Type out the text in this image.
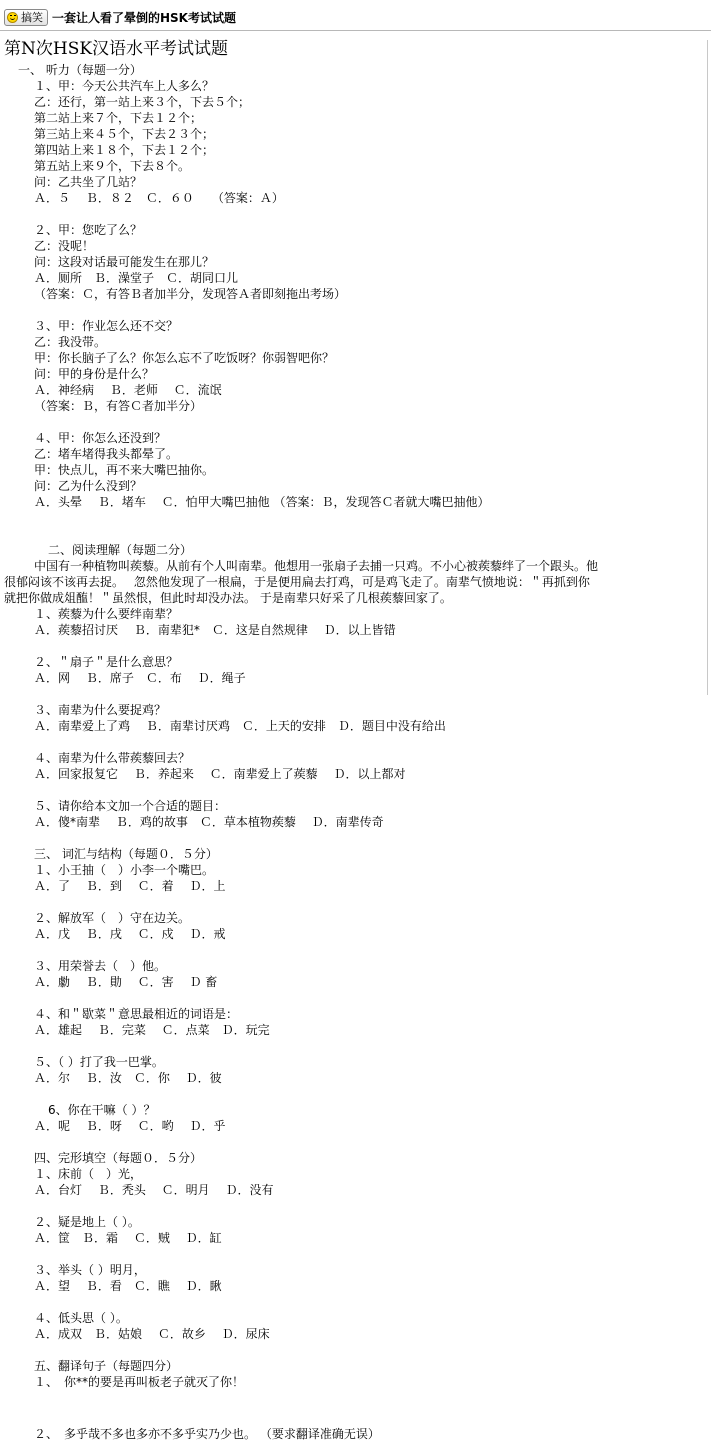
搞笑 一套让人看了晕倒的HSK考试试题
第N次HSK汉语水平考试试题
一、 听力（每题一分）
１、甲：今天公共汽车上人多么？
乙：还行，第一站上来３个，下去５个；
第二站上来７个，下去１２个；
第三站上来４５个，下去２３个；
第四站上来１８个，下去１２个；
第五站上来９个，下去８个。
问：乙共坐了几站？
Ａ．５　 Ｂ．８２　Ｃ．６０　　（答案：Ａ）
２、甲：您吃了么？
乙：没呢！
问：这段对话最可能发生在那儿？
Ａ．厕所　Ｂ．澡堂子　Ｃ．胡同口儿
（答案：Ｃ，有答Ｂ者加半分，发现答Ａ者即刻拖出考场）
３、甲：作业怎么还不交？
乙：我没带。
甲：你长脑子了么？你怎么忘不了吃饭呀？你弱智吧你？
问：甲的身份是什么？
Ａ．神经病　 Ｂ．老师　 Ｃ．流氓
（答案：Ｂ，有答Ｃ者加半分）
４、甲：你怎么还没到？
乙：堵车堵得我头都晕了。
甲：快点儿，再不来大嘴巴抽你。
问：乙为什么没到？
Ａ．头晕　 Ｂ．堵车　 Ｃ．怕甲大嘴巴抽他 （答案：Ｂ，发现答Ｃ者就大嘴巴抽他）
二、阅读理解（每题二分）
中国有一种植物叫蒺藜。从前有个人叫南辈。他想用一张扇子去捕一只鸡。不小心被蒺藜绊了一个跟头。他
很郁闷该不该再去捉。　 忽然他发现了一根扁，于是便用扁去打鸡，可是鸡飞走了。南辈气愤地说：＂再抓到你
就把你做成俎醢！＂虽然恨，但此时却没办法。 于是南辈只好采了几根蒺藜回家了。
１、蒺藜为什么要绊南辈？
Ａ．蒺藜招讨厌　 Ｂ．南辈犯*　Ｃ．这是自然规律　 Ｄ．以上皆错
２、＂扇子＂是什么意思？
Ａ．网　 Ｂ．席子　Ｃ．布　 Ｄ．绳子
３、南辈为什么要捉鸡？
Ａ．南辈爱上了鸡　 Ｂ．南辈讨厌鸡　Ｃ．上天的安排　Ｄ．题目中没有给出
４、南辈为什么带蒺藜回去？
Ａ．回家报复它　 Ｂ．养起来　 Ｃ．南辈爱上了蒺藜　 Ｄ．以上都对
５、请你给本文加一个合适的题目：
Ａ．傻*南辈　 Ｂ．鸡的故事　Ｃ．草本植物蒺藜　 Ｄ．南辈传奇
三、 词汇与结构（每题０．５分）
１、小王抽（　）小李一个嘴巴。
Ａ．了　 Ｂ．到　 Ｃ．着　 Ｄ．上
２、解放军（　）守在边关。
Ａ．戊　 Ｂ．戌　 Ｃ．戍　 Ｄ．戒
３、用荣誉去（　）他。
Ａ．勮　 Ｂ．勛　 Ｃ．害　 Ｄ 畜
４、和＂歇菜＂意思最相近的词语是：
Ａ．雄起　 Ｂ．完菜　 Ｃ．点菜　Ｄ．玩完
５、（ ）打了我一巴掌。
Ａ．尔　 Ｂ．汝　Ｃ．你　 Ｄ．彼
6、你在干嘛（ ）？
Ａ．呢　 Ｂ．呀　 Ｃ．哟　 Ｄ．乎
四、完形填空（每题０．５分）
１、床前（　）光，
Ａ．台灯　 Ｂ．秃头　 Ｃ．明月　 Ｄ．没有
２、疑是地上（ ）。
Ａ．筐　Ｂ．霜　 Ｃ．贼　 Ｄ．缸
３、举头（ ）明月，
Ａ．望　 Ｂ．看　Ｃ．瞧　 Ｄ．瞅
４、低头思（ ）。
Ａ．成双　Ｂ．姑娘　 Ｃ．故乡　 Ｄ．尿床
五、翻译句子（每题四分）
１、　你**的要是再叫板老子就灭了你！
２、　多乎哉不多也多亦不多乎实乃少也。 （要求翻译准确无误）
